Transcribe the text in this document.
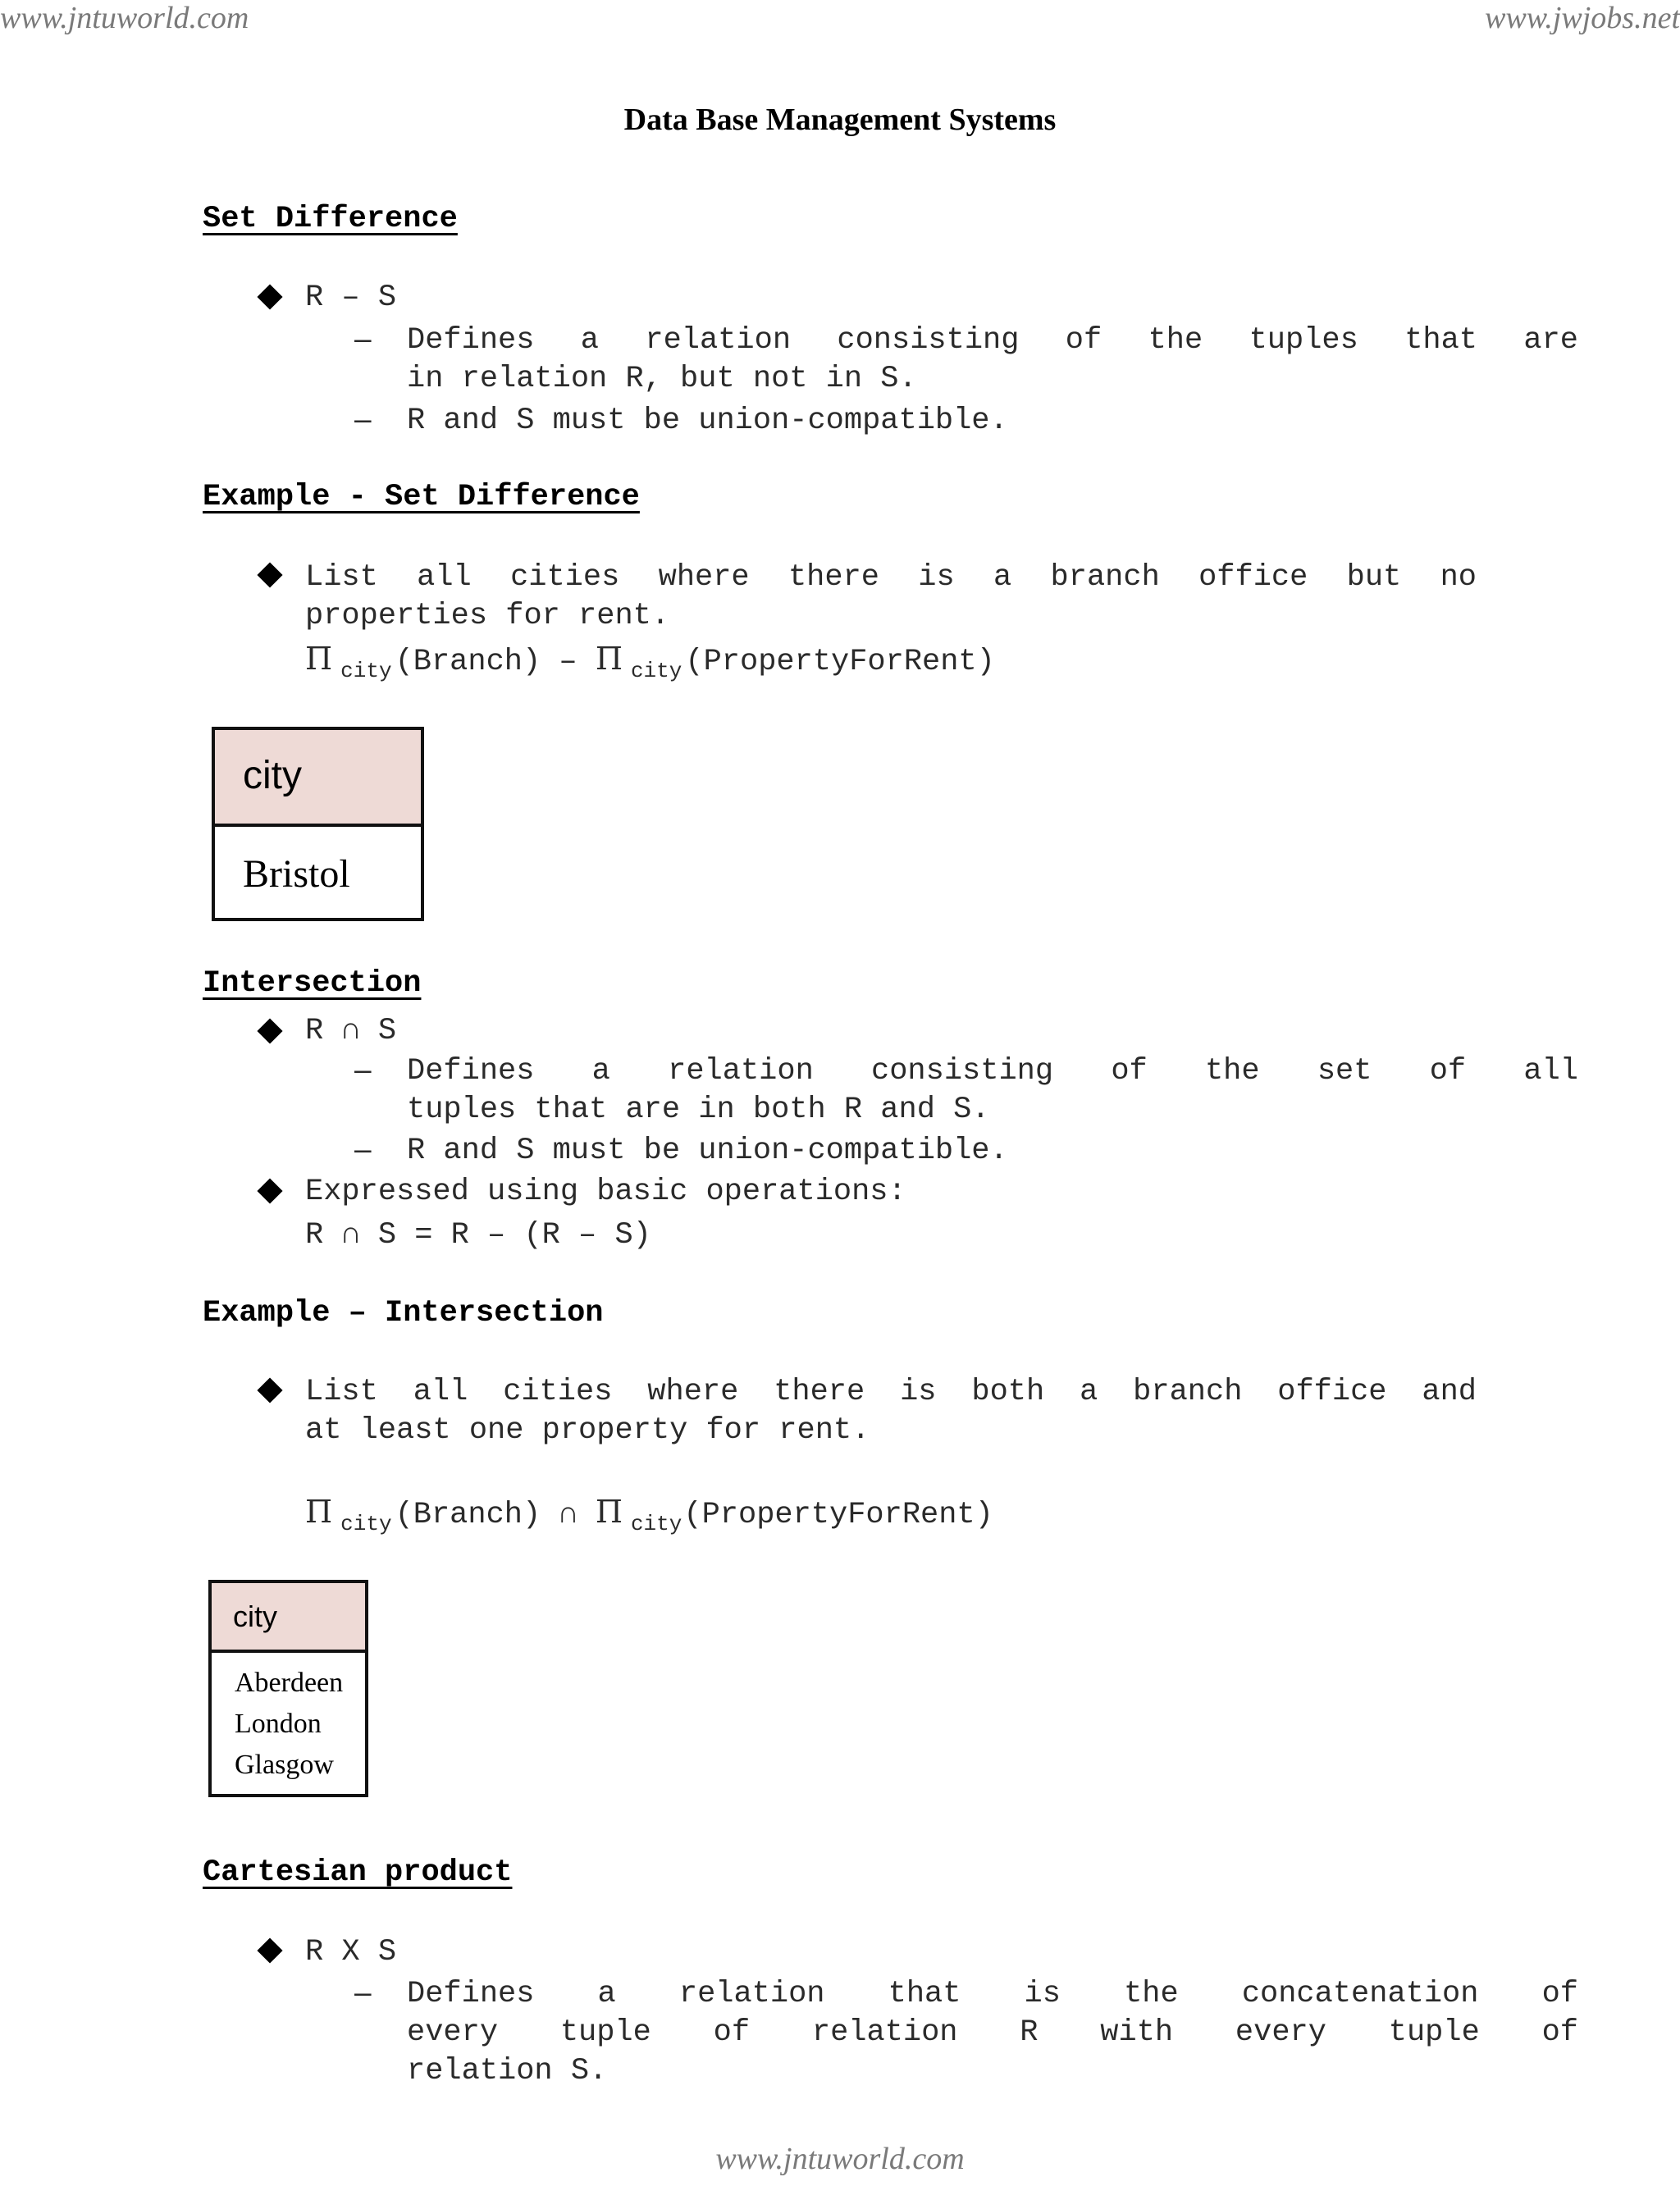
www.jntuworld.com	www.jwjobs.net
www.jntuworld.com
Data Base Management Systems
Set Difference
R – S
– Defines a relation consisting of the tuples that are
in relation R, but not in S.
– R and S must be union-compatible.
Example - Set Difference
List all cities where there is a branch office but no
properties for rent.
Π $_{city}$ (Branch) – Π $_{city}$ (PropertyForRent)
city
Bristol
Intersection
R ∩ S
– Defines a relation consisting of the set of all
tuples that are in both R and S.
– R and S must be union-compatible.
Expressed using basic operations:
R ∩ S = R – (R – S)
Example – Intersection
List all cities where there is both a branch office and
at least one property for rent.
Π $_{city}$ (Branch) ∩ Π $_{city}$(PropertyForRent)
city
Aberdeen
London
Glasgow
Cartesian product
R X S
– Defines a relation that is the concatenation of
every tuple of relation R with every tuple of
relation S.
